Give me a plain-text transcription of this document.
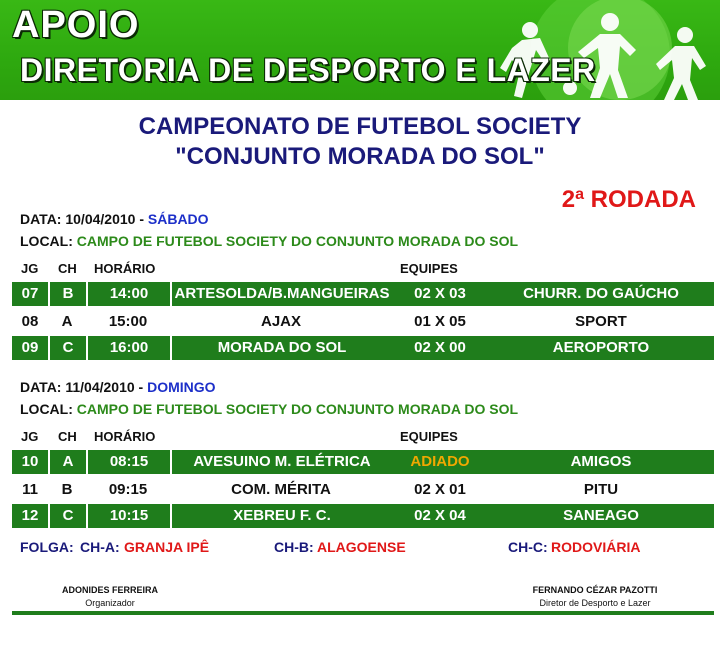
APOIO
DIRETORIA DE DESPORTO E LAZER
CAMPEONATO DE FUTEBOL SOCIETY
"CONJUNTO MORADA DO SOL"
2$^a$ RODADA
DATA: 10/04/2010 - SÁBADO
LOCAL: CAMPO DE FUTEBOL SOCIETY DO CONJUNTO MORADA DO SOL
JG CH HORÁRIO	EQUIPES
07	B	14:00	ARTESOLDA/B.MANGUEIRAS	02 X 03	CHURR. DO GAÚCHO
08	A	15:00	AJAX	01 X 05	SPORT
09	C	16:00	MORADA DO SOL	02 X 00	AEROPORTO
DATA: 11/04/2010 - DOMINGO
LOCAL: CAMPO DE FUTEBOL SOCIETY DO CONJUNTO MORADA DO SOL
JG CH HORÁRIO	EQUIPES
10	A	08:15	AVESUINO M. ELÉTRICA	ADIADO	AMIGOS
11	B	09:15	COM. MÉRITA	02 X 01	PITU
12	C	10:15	XEBREU F. C.	02 X 04	SANEAGO
FOLGA: CH-A: GRANJA IPÊ	CH-B: ALAGOENSE	CH-C: RODOVIÁRIA
ADONIDES FERREIRA
Organizador
FERNANDO CÉZAR PAZOTTI
Diretor de Desporto e Lazer
